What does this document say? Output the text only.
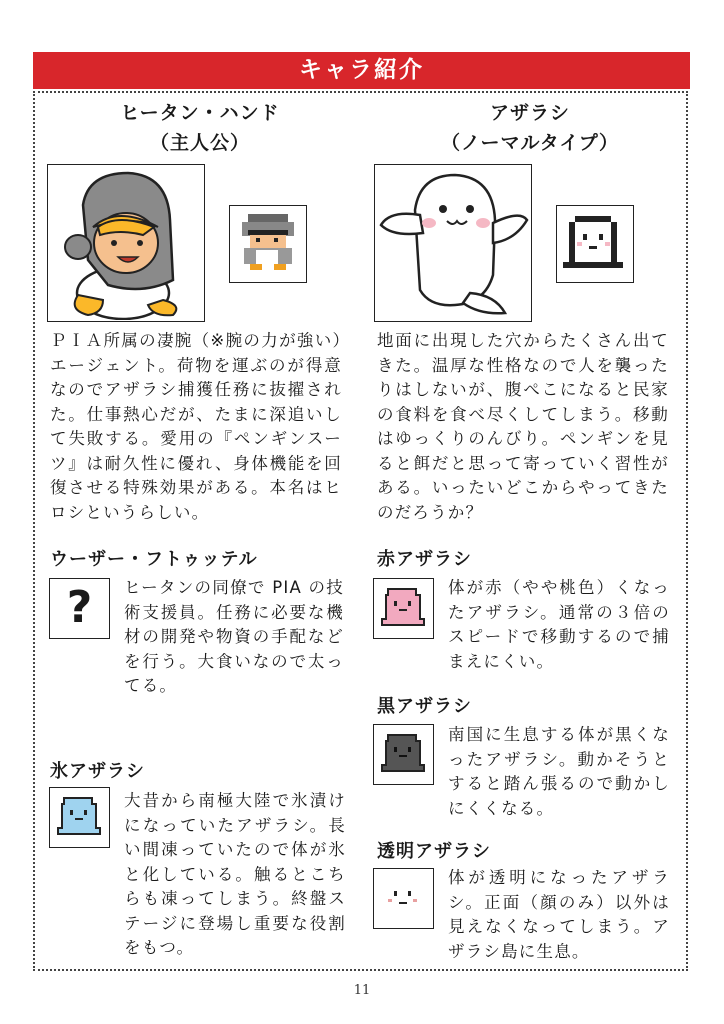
キャラ紹介
ヒータン・ハンド
（主人公）

ＰＩＡ所属の凄腕（※腕の力が強い）エージェント。荷物を運ぶのが得意なのでアザラシ捕獲任務に抜擢された。仕事熱心だが、たまに深追いして失敗する。愛用の『ペンギンスーツ』は耐久性に優れ、身体機能を回復させる特殊効果がある。本名はヒロシというらしい。

アザラシ
（ノーマルタイプ）

地面に出現した穴からたくさん出てきた。温厚な性格なので人を襲ったりはしないが、腹ぺこになると民家の食料を食べ尽くしてしまう。移動はゆっくりのんびり。ペンギンを見ると餌だと思って寄っていく習性がある。いったいどこからやってきたのだろうか？

ウーザー・フトゥッテル
?	ヒータンの同僚で PIA の技術支援員。任務に必要な機材の開発や物資の手配などを行う。大食いなので太ってる。

氷アザラシ

大昔から南極大陸で氷漬けになっていたアザラシ。長い間凍っていたので体が氷と化している。触るとこちらも凍ってしまう。終盤ステージに登場し重要な役割をもつ。

赤アザラシ

体が赤（やや桃色）くなったアザラシ。通常の３倍のスピードで移動するので捕まえにくい。

黒アザラシ

南国に生息する体が黒くなったアザラシ。動かそうとすると踏ん張るので動かしにくくなる。

透明アザラシ

体が透明になったアザラシ。正面（顔のみ）以外は見えなくなってしまう。アザラシ島に生息。

11
